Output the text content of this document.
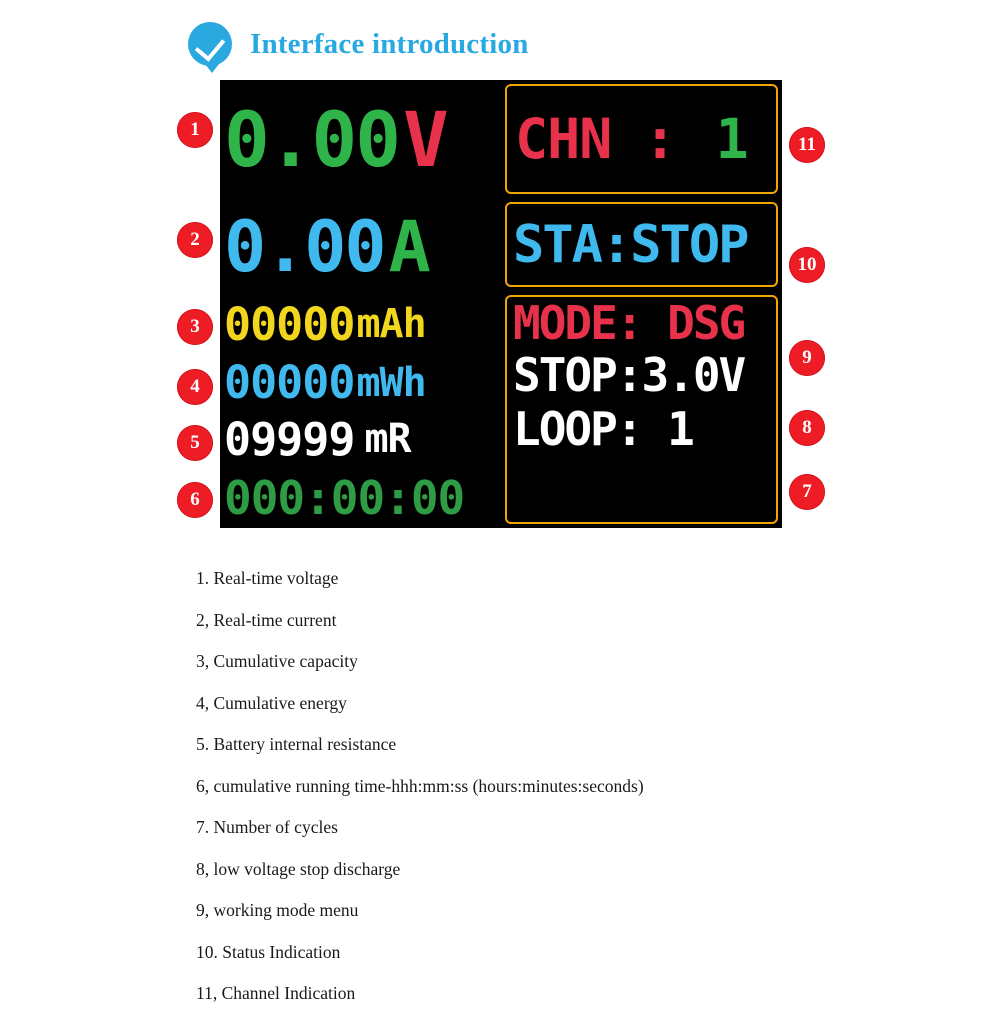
Interface introduction
0.00 V
0.00 A
00000 mAh
00000 mWh
09999 mR
000:00:00
CHN : 1
STA:STOP
MODE: DSG
STOP:3.0V
LOOP: 1
1
2
3
4
5
6	7
8
9
10
11
1. Real-time voltage
2, Real-time current
3, Cumulative capacity
4, Cumulative energy
5. Battery internal resistance
6, cumulative running time-hhh:mm:ss (hours:minutes:seconds)
7. Number of cycles
8, low voltage stop discharge
9, working mode menu
10. Status Indication
11, Channel Indication
